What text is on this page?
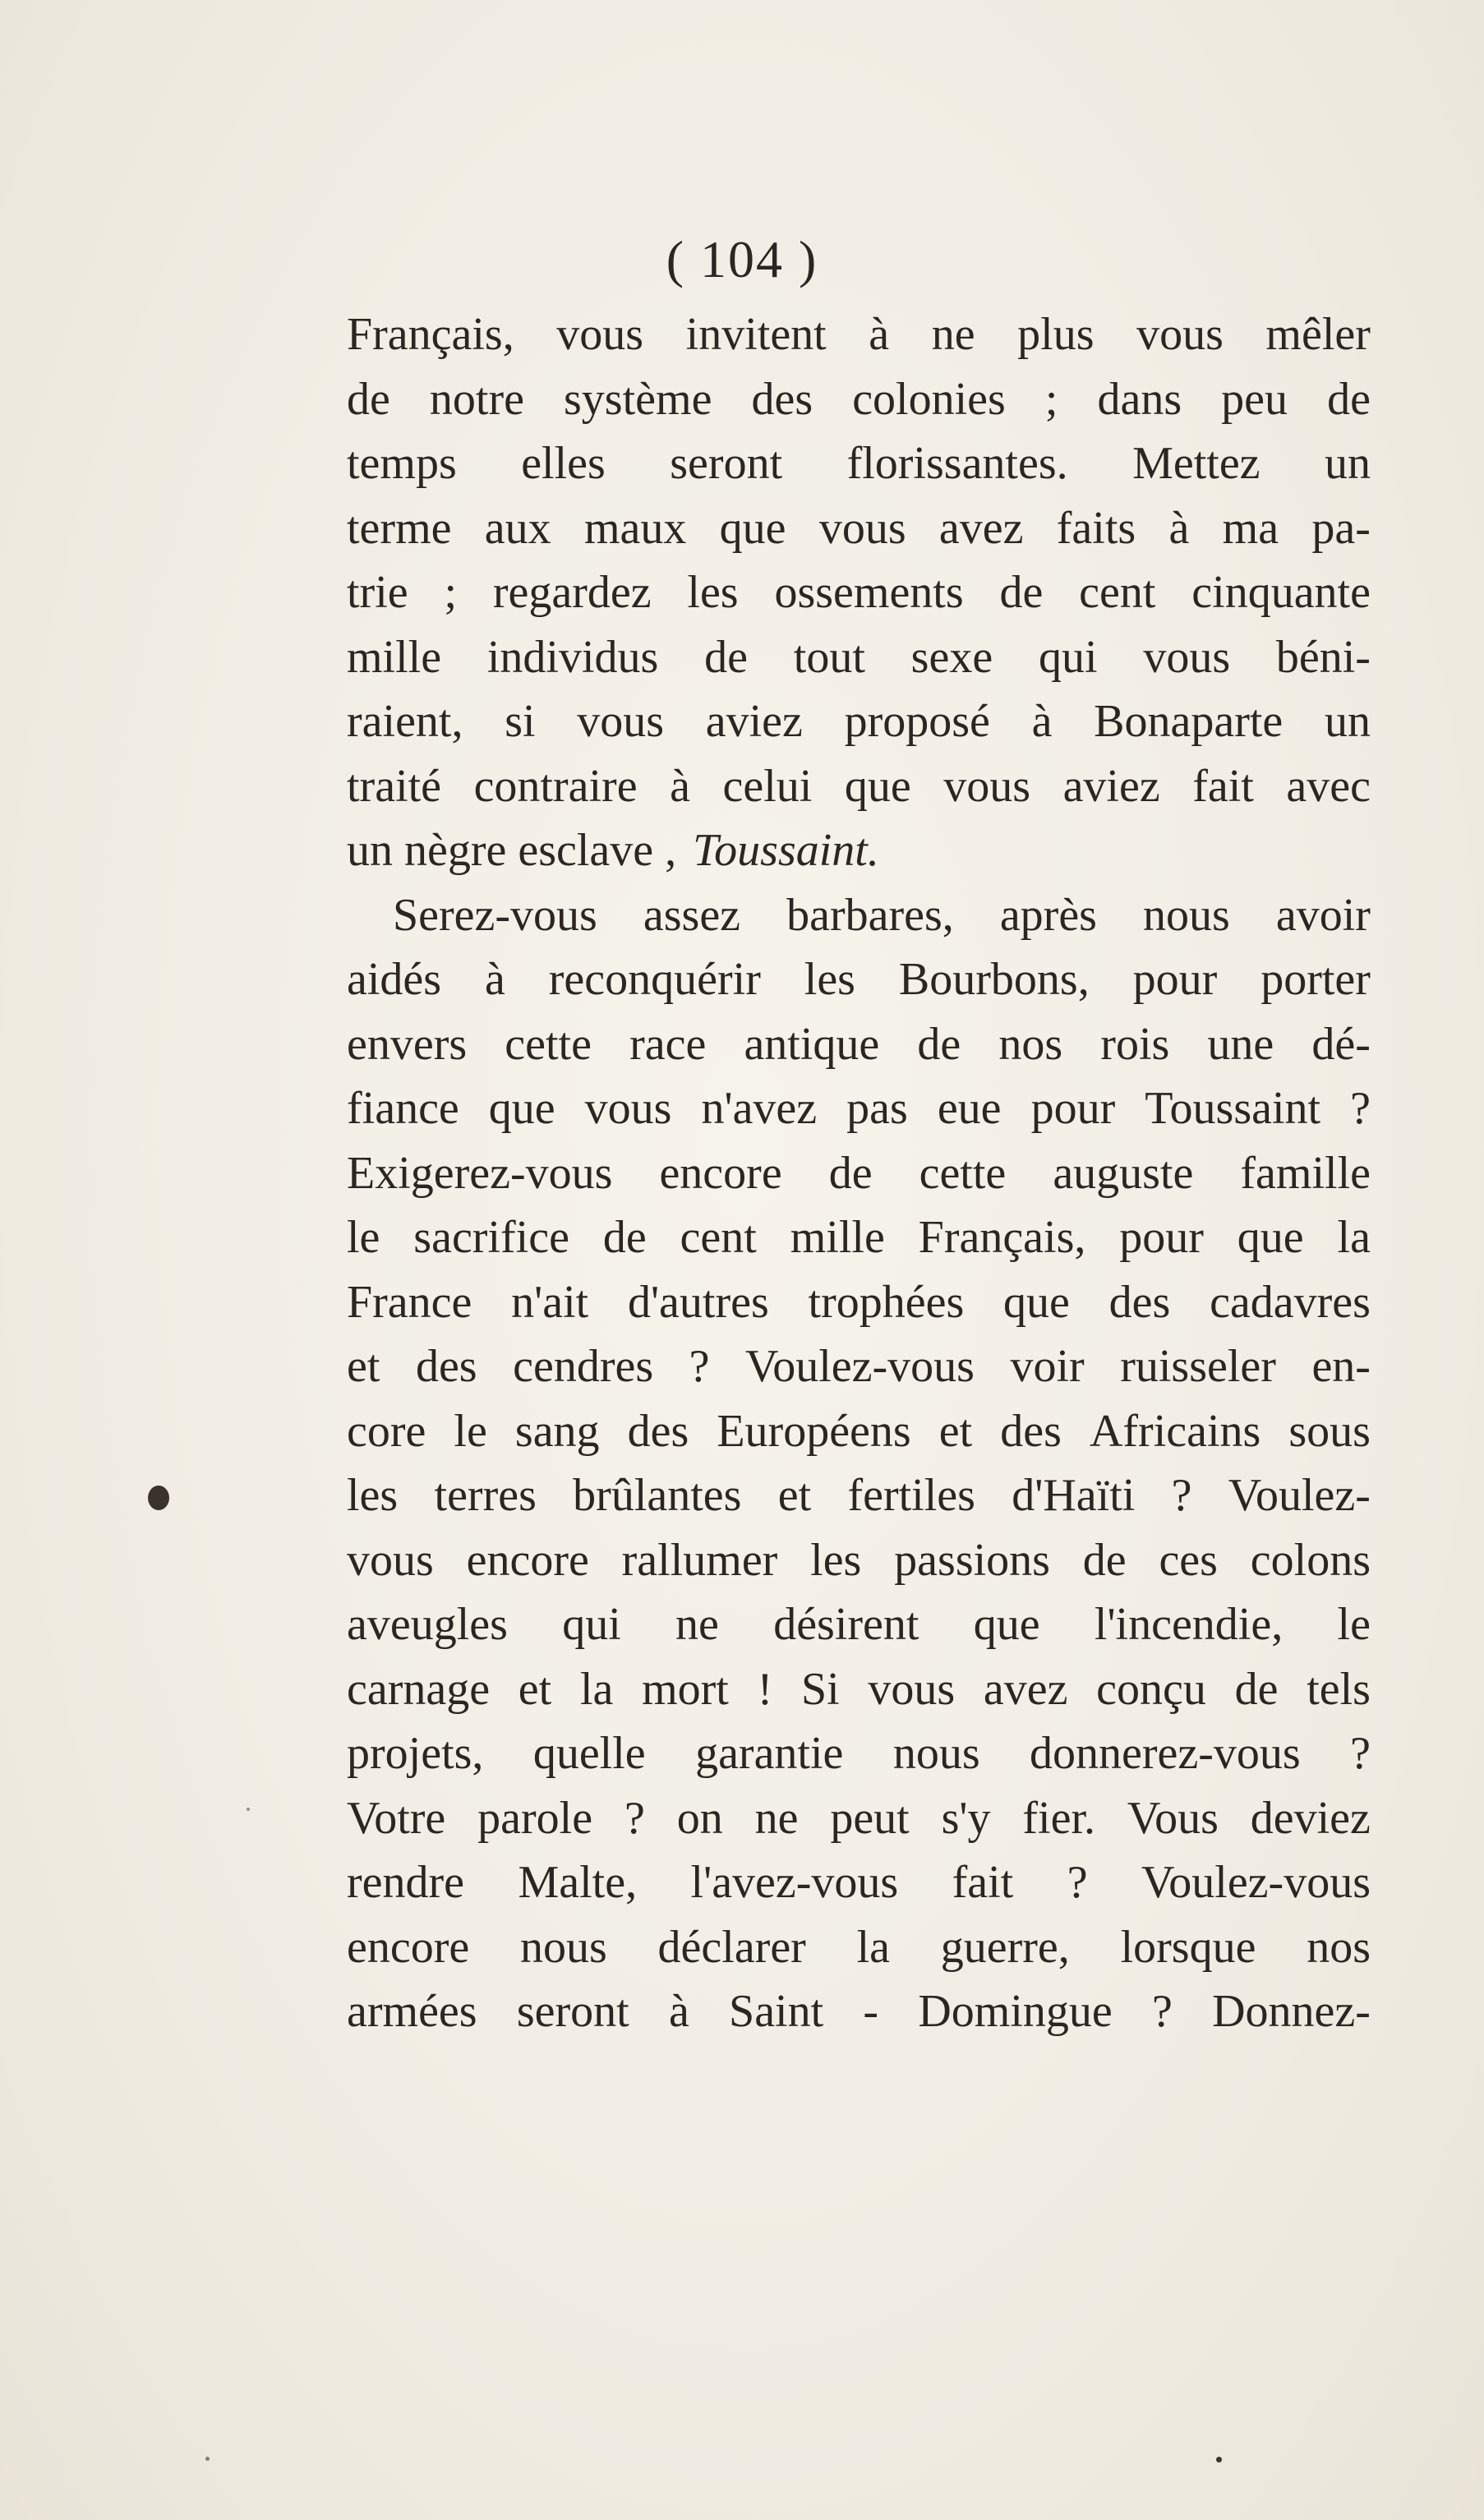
( 104 )
Français, vous invitent à ne plus vous mêler
de notre système des colonies ; dans peu de
temps elles seront florissantes. Mettez un
terme aux maux que vous avez faits à ma pa-
trie ; regardez les ossements de cent cinquante
mille individus de tout sexe qui vous béni-
raient, si vous aviez proposé à Bonaparte un
traité contraire à celui que vous aviez fait avec
un nègre esclave , Toussaint.
Serez-vous assez barbares, après nous avoir
aidés à reconquérir les Bourbons, pour porter
envers cette race antique de nos rois une dé-
fiance que vous n'avez pas eue pour Toussaint ?
Exigerez-vous encore de cette auguste famille
le sacrifice de cent mille Français, pour que la
France n'ait d'autres trophées que des cadavres
et des cendres ? Voulez-vous voir ruisseler en-
core le sang des Européens et des Africains sous
les terres brûlantes et fertiles d'Haïti ? Voulez-
vous encore rallumer les passions de ces colons
aveugles qui ne désirent que l'incendie, le
carnage et la mort ! Si vous avez conçu de tels
projets, quelle garantie nous donnerez-vous ?
Votre parole ? on ne peut s'y fier. Vous deviez
rendre Malte, l'avez-vous fait ? Voulez-vous
encore nous déclarer la guerre, lorsque nos
armées seront à Saint - Domingue ? Donnez-
